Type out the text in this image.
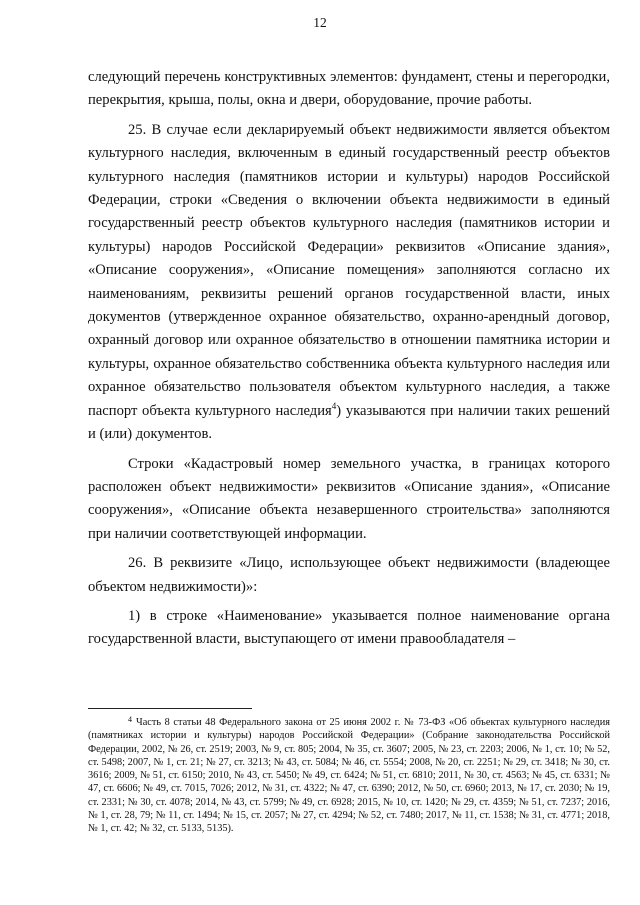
12

следующий перечень конструктивных элементов: фундамент, стены и перегородки, перекрытия, крыша, полы, окна и двери, оборудование, прочие работы.

25. В случае если декларируемый объект недвижимости является объектом культурного наследия, включенным в единый государственный реестр объектов культурного наследия (памятников истории и культуры) народов Российской Федерации, строки «Сведения о включении объекта недвижимости в единый государственный реестр объектов культурного наследия (памятников истории и культуры) народов Российской Федерации» реквизитов «Описание здания», «Описание сооружения», «Описание помещения» заполняются согласно их наименованиям, реквизиты решений органов государственной власти, иных документов (утвержденное охранное обязательство, охранно-арендный договор, охранный договор или охранное обязательство в отношении памятника истории и культуры, охранное обязательство собственника объекта культурного наследия или охранное обязательство пользователя объектом культурного наследия, а также паспорт объекта культурного наследия$^4$) указываются при наличии таких решений и (или) документов.

Строки «Кадастровый номер земельного участка, в границах которого расположен объект недвижимости» реквизитов «Описание здания», «Описание сооружения», «Описание объекта незавершенного строительства» заполняются при наличии соответствующей информации.

26. В реквизите «Лицо, использующее объект недвижимости (владеющее объектом недвижимости)»:

1) в строке «Наименование» указывается полное наименование органа государственной власти, выступающего от имени правообладателя –

$^4$ Часть 8 статьи 48 Федерального закона от 25 июня 2002 г. № 73-ФЗ «Об объектах культурного наследия (памятниках истории и культуры) народов Российской Федерации» (Собрание законодательства Российской Федерации, 2002, № 26, ст. 2519; 2003, № 9, ст. 805; 2004, № 35, ст. 3607; 2005, № 23, ст. 2203; 2006, № 1, ст. 10; № 52, ст. 5498; 2007, № 1, ст. 21; № 27, ст. 3213; № 43, ст. 5084; № 46, ст. 5554; 2008, № 20, ст. 2251; № 29, ст. 3418; № 30, ст. 3616; 2009, № 51, ст. 6150; 2010, № 43, ст. 5450; № 49, ст. 6424; № 51, ст. 6810; 2011, № 30, ст. 4563; № 45, ст. 6331; № 47, ст. 6606; № 49, ст. 7015, 7026; 2012, № 31, ст. 4322; № 47, ст. 6390; 2012, № 50, ст. 6960; 2013, № 17, ст. 2030; № 19, ст. 2331; № 30, ст. 4078; 2014, № 43, ст. 5799; № 49, ст. 6928; 2015, № 10, ст. 1420; № 29, ст. 4359; № 51, ст. 7237; 2016, № 1, ст. 28, 79; № 11, ст. 1494; № 15, ст. 2057; № 27, ст. 4294; № 52, ст. 7480; 2017, № 11, ст. 1538; № 31, ст. 4771; 2018, № 1, ст. 42; № 32, ст. 5133, 5135).
